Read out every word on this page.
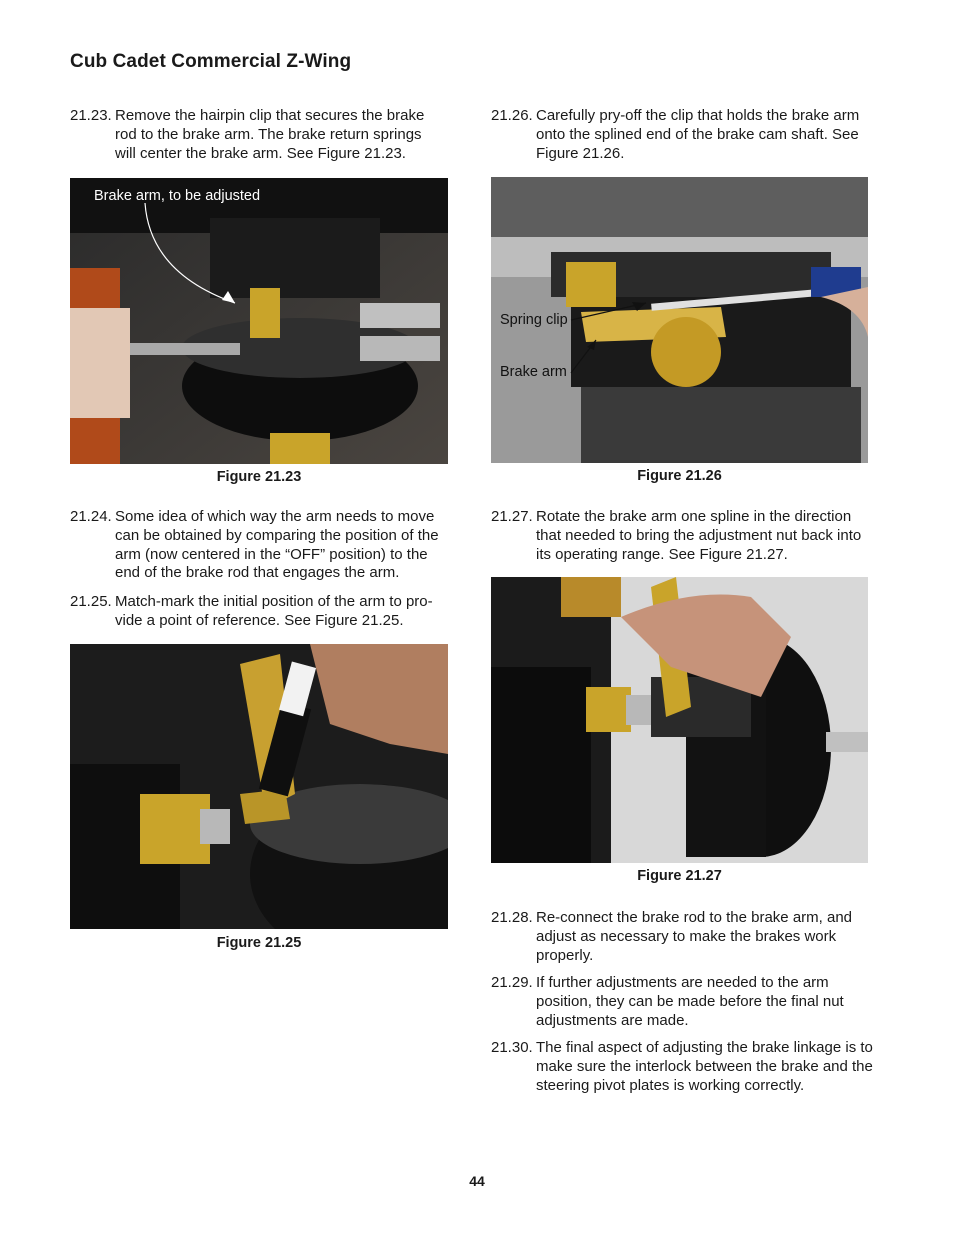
Cub Cadet Commercial Z-Wing
21.23. Remove the hairpin clip that secures the brake rod to the brake arm. The brake return springs will center the brake arm. See Figure 21.23.
Brake arm, to be adjusted
Figure 21.23
21.24. Some idea of which way the arm needs to move can be obtained by comparing the position of the arm (now centered in the “OFF” position) to the end of the brake rod that engages the arm.
21.25. Match-mark the initial position of the arm to pro-vide a point of reference. See Figure 21.25.
Figure 21.25
21.26. Carefully pry-off the clip that holds the brake arm onto the splined end of the brake cam shaft. See Figure 21.26.
Spring clip
Brake arm
Figure 21.26
21.27. Rotate the brake arm one spline in the direction that needed to bring the adjustment nut back into its operating range. See Figure 21.27.
Figure 21.27
21.28. Re-connect the brake rod to the brake arm, and adjust as necessary to make the brakes work properly.
21.29. If further adjustments are needed to the arm position, they can be made before the final nut adjustments are made.
21.30. The final aspect of adjusting the brake linkage is to make sure the interlock between the brake and the steering pivot plates is working correctly.
44
